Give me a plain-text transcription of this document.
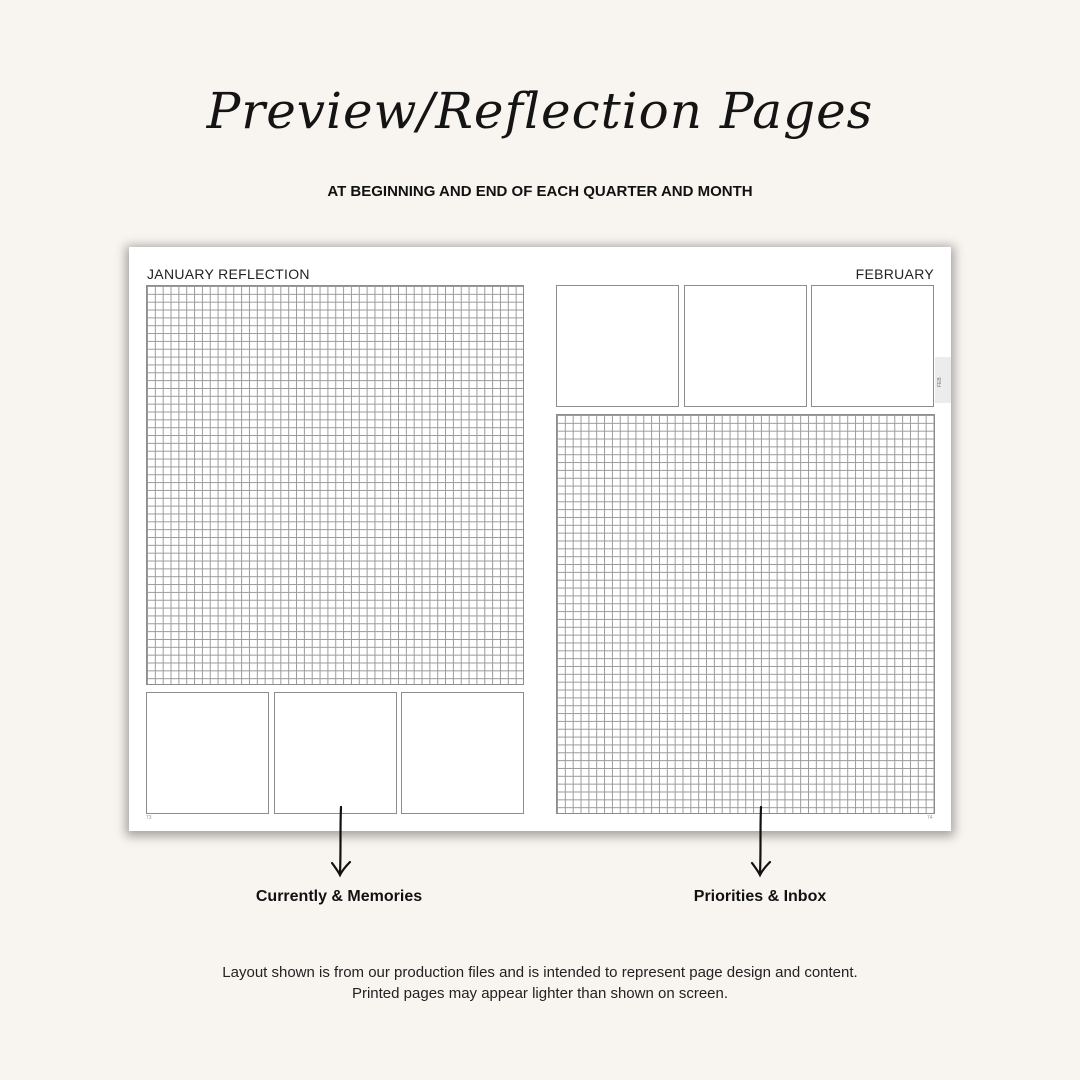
Preview/Reflection Pages
AT BEGINNING AND END OF EACH QUARTER AND MONTH
JANUARY REFLECTION
73
FEBRUARY
FEB
74
Currently & Memories	Priorities & Inbox
Layout shown is from our production files and is intended to represent page design and content.
Printed pages may appear lighter than shown on screen.
